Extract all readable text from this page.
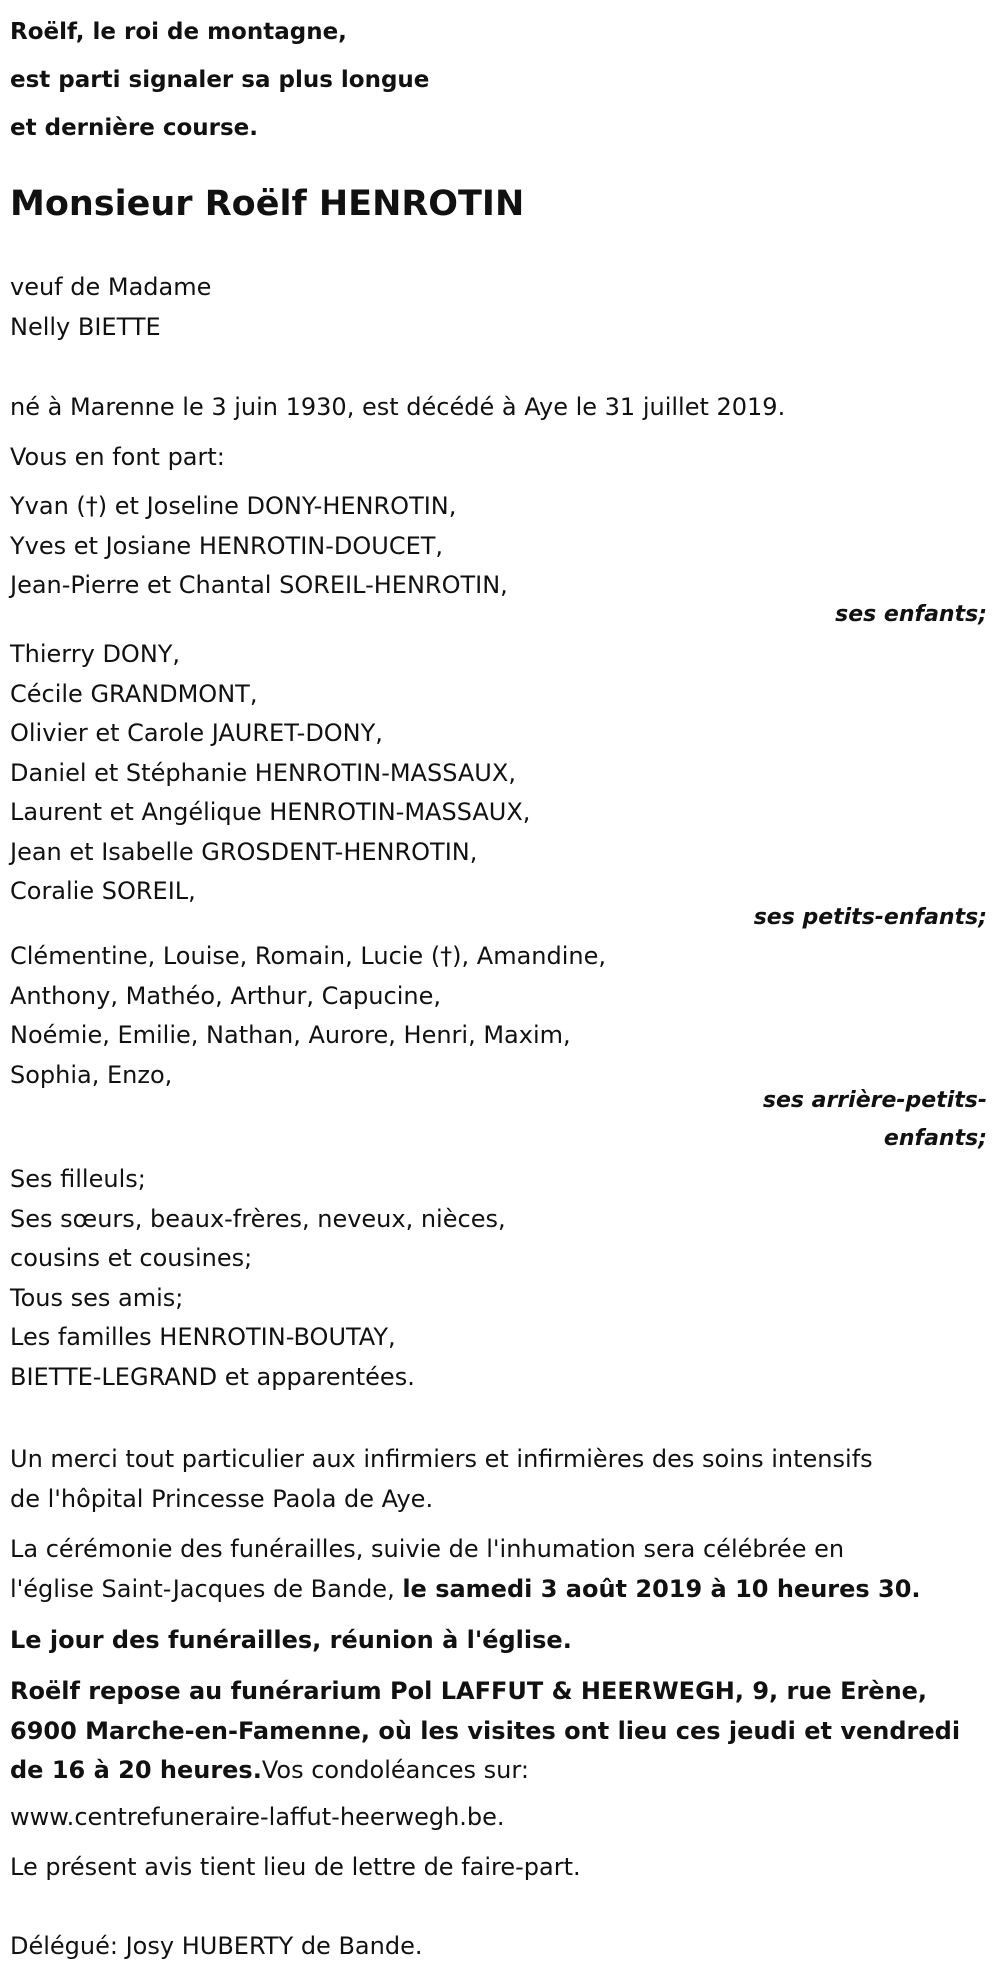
Roëlf, le roi de montagne,
est parti signaler sa plus longue
et dernière course.
Monsieur Roëlf HENROTIN
veuf de Madame
Nelly BIETTE
né à Marenne le 3 juin 1930, est décédé à Aye le 31 juillet 2019.
Vous en font part:
Yvan (†) et Joseline DONY-HENROTIN,
Yves et Josiane HENROTIN-DOUCET,
Jean-Pierre et Chantal SOREIL-HENROTIN,
ses enfants;
Thierry DONY,
Cécile GRANDMONT,
Olivier et Carole JAURET-DONY,
Daniel et Stéphanie HENROTIN-MASSAUX,
Laurent et Angélique HENROTIN-MASSAUX,
Jean et Isabelle GROSDENT-HENROTIN,
Coralie SOREIL,
ses petits-enfants;
Clémentine, Louise, Romain, Lucie (†), Amandine,
Anthony, Mathéo, Arthur, Capucine,
Noémie, Emilie, Nathan, Aurore, Henri, Maxim,
Sophia, Enzo,
ses arrière-petits-
enfants;
Ses filleuls;
Ses sœurs, beaux-frères, neveux, nièces,
cousins et cousines;
Tous ses amis;
Les familles HENROTIN-BOUTAY,
BIETTE-LEGRAND et apparentées.
Un merci tout particulier aux infirmiers et infirmières des soins intensifs
de l'hôpital Princesse Paola de Aye.
La cérémonie des funérailles, suivie de l'inhumation sera célébrée en
l'église Saint-Jacques de Bande, le samedi 3 août 2019 à 10 heures 30.
Le jour des funérailles, réunion à l'église.
Roëlf repose au funérarium Pol LAFFUT & HEERWEGH, 9, rue Erène,
6900 Marche-en-Famenne, où les visites ont lieu ces jeudi et vendredi
de 16 à 20 heures.Vos condoléances sur:
www.centrefuneraire-laffut-heerwegh.be.
Le présent avis tient lieu de lettre de faire-part.
Délégué: Josy HUBERTY de Bande.
